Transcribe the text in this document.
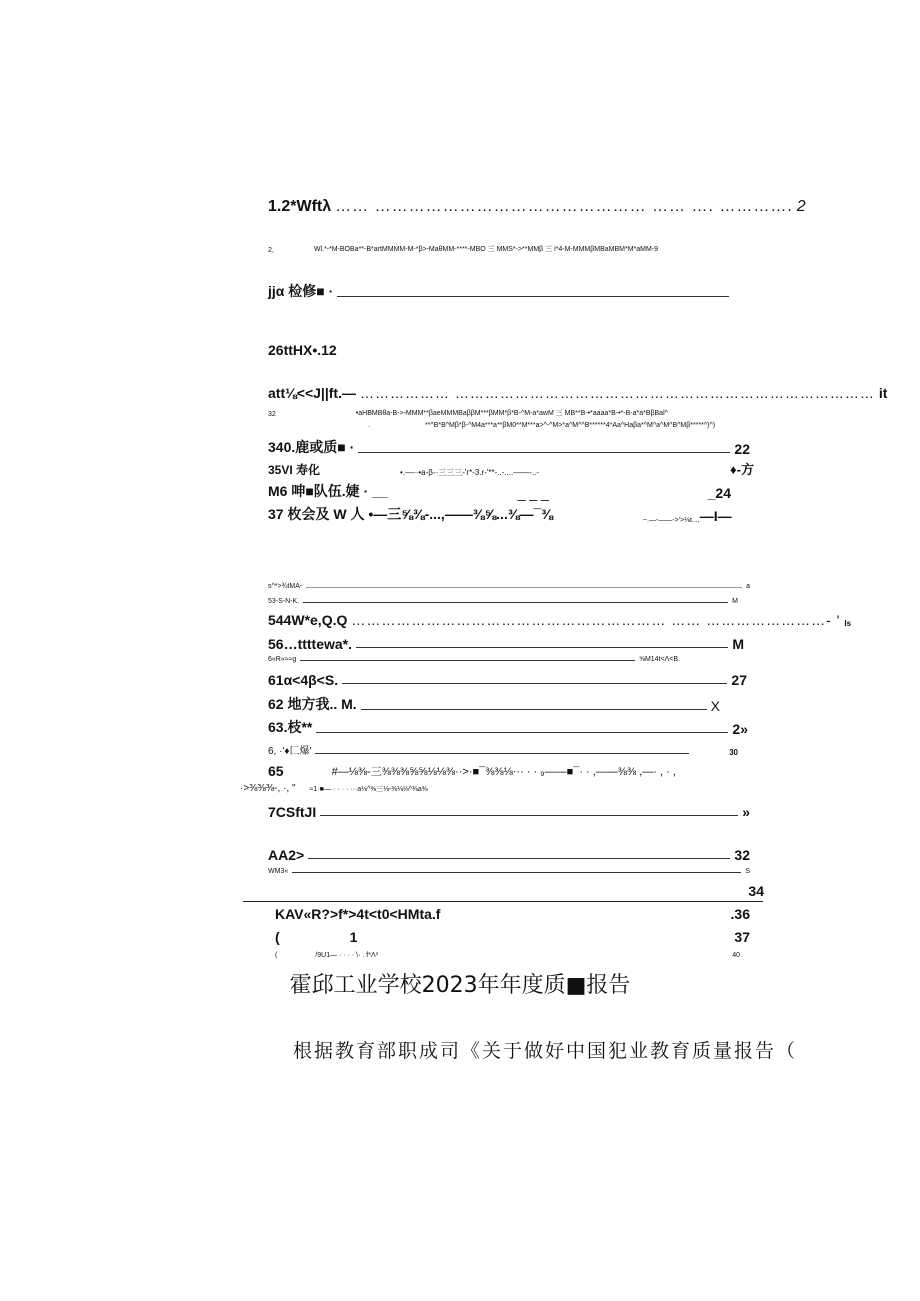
1.2*Wftλ …… ………………………………………… …… …. …………. 2
2,	Wl.*-*M-BOBa**-B*artMMMM-M-*β>-MaθMM-****-MBO 三 MMS*->**MMβ 三 i*4-M-MMMβMBaMBM*M*aMM-9
jjα 检修■ ·
26ttHX•.12
att⅛<<J||ft.— ……………… ………………………………………………………………………… it
32	•aHBMBθa-B->-MMM**βaeMMMBaββM***βMM*β*B-^M-a*awM 三 MB**B-•*aaaa*B-•*-B-a*a*BβBal^
.	**^B*B^Mβ*β-^M4a***a**βM0**M***a>^-^M>*a^M^^B******4*Aa^Haβa*^M^a^M^B^Mβ*****^)^)
340.鹿或质■ ·	22
35VI 寿化	•.—-·•a-β-·三三三-'r*-3.r-'**-..-....——-..-	♦-方
M6 呻■队伍.婕 · __	_ _ _	_24
37 枚会及 W 人 •—三⅝⅜-...,——⅜⅝...⅜—¯⅜	~.—-——->'>⅛t..., —I—
s^*>¾tMA-	a
53-S-N-K.	M
544W*e,Q.Q ……………………………………………………… …… ……………………- ' Is
56…ttttewa*.	M
6«R«≈≈g	⅝M14t<Λ<B.
61α<4β<S.	27
62 地方我.. M.	X
63.枝**	2»
6, ·'♦匚爆'	30
65	#—⅛⅜-三⅜⅜⅜⅝⅝⅛⅛⅜··>·■¯⅜⅜⅛··· · · ₉——■¯· · ,——⅜⅜ ,—· , · ,
·>⅜⅜⅜-, ·, " ≈1·■—·· · · · ···a⅛^⅜三⅛-⅜⅛⅛^⅜a⅜
7CSftJI	»
AA2>	32
WM3«	S
34
KAV«R?>f*>4t<t0<HMta.f	.36
(	1	37
(	/9U1— · · · · \· . f*Λ³	40
霍邱工业学校2023年年度质■报告
根据教育部职成司《关于做好中国犯业教育质量报告（
